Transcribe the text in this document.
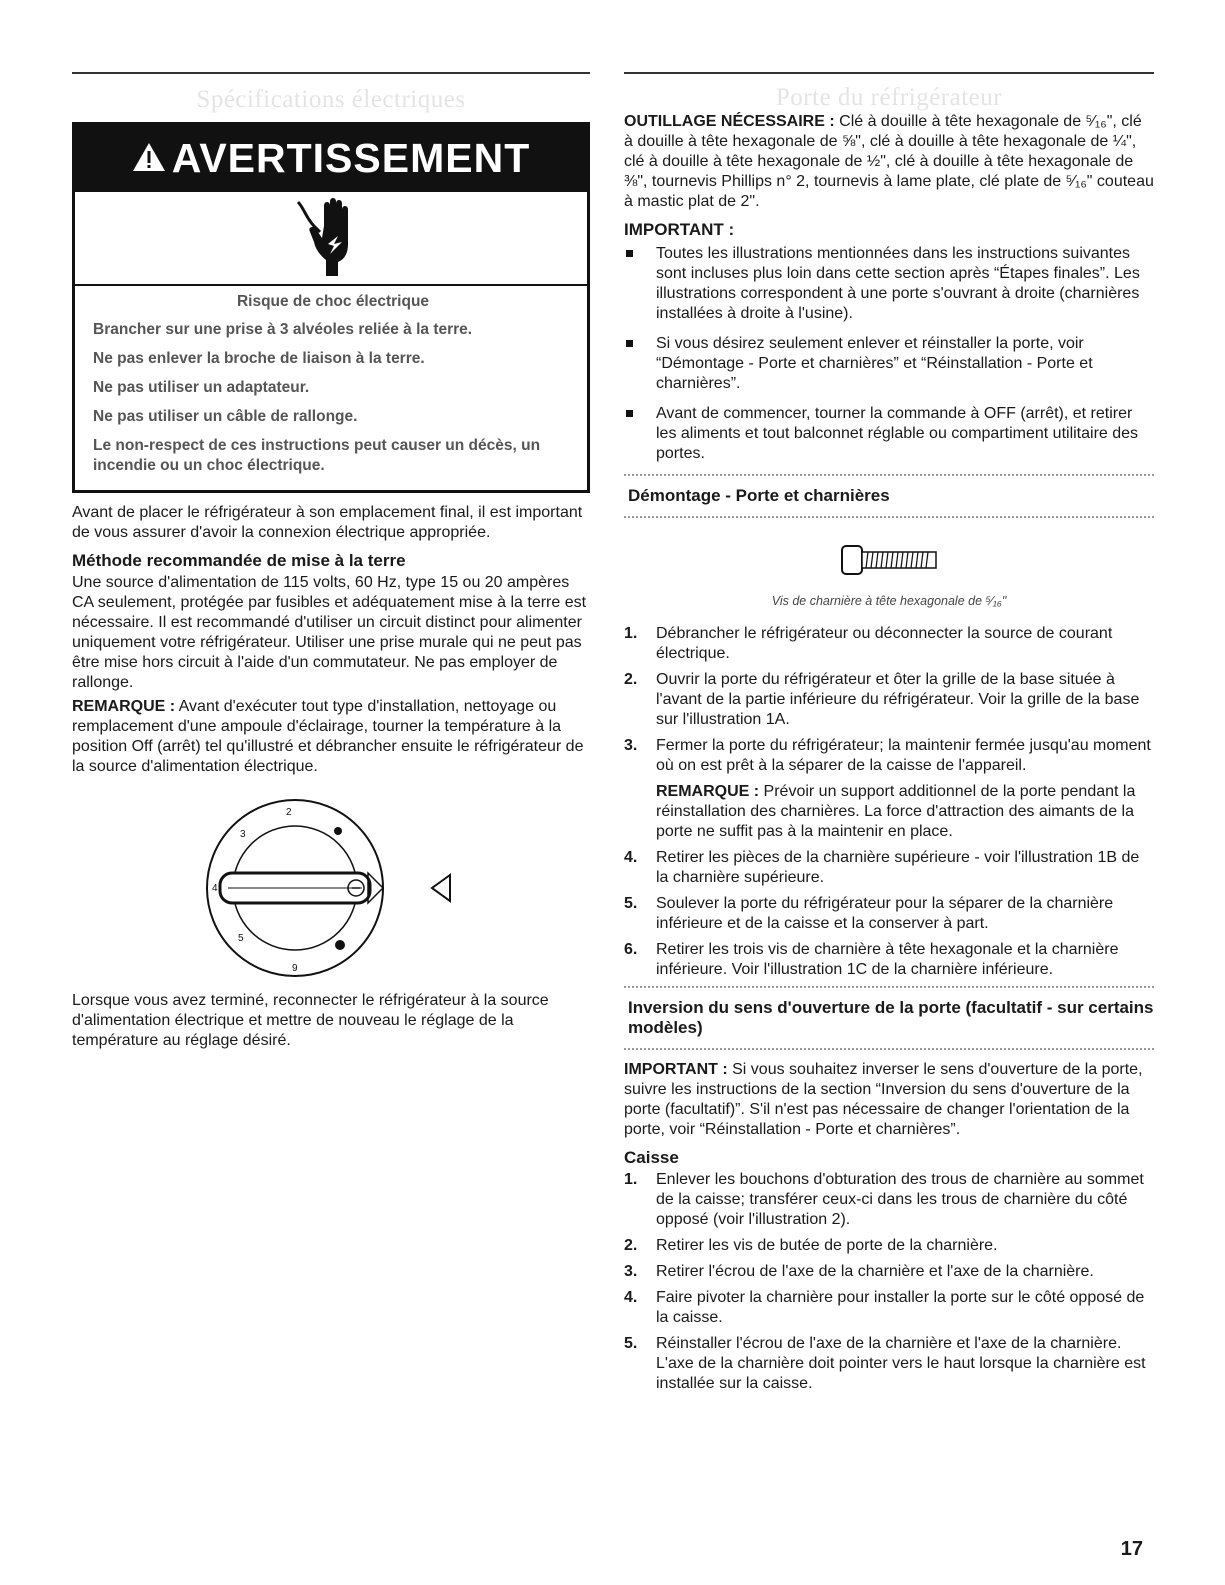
Spécifications électriques
AVERTISSEMENT
Risque de choc électrique

Brancher sur une prise à 3 alvéoles reliée à la terre.

Ne pas enlever la broche de liaison à la terre.

Ne pas utiliser un adaptateur.

Ne pas utiliser un câble de rallonge.

Le non-respect de ces instructions peut causer un décès, un incendie ou un choc électrique.

Avant de placer le réfrigérateur à son emplacement final, il est important de vous assurer d'avoir la connexion électrique appropriée.

Méthode recommandée de mise à la terre

Une source d'alimentation de 115 volts, 60 Hz, type 15 ou 20 ampères CA seulement, protégée par fusibles et adéquatement mise à la terre est nécessaire. Il est recommandé d'utiliser un circuit distinct pour alimenter uniquement votre réfrigérateur. Utiliser une prise murale qui ne peut pas être mise hors circuit à l'aide d'un commutateur. Ne pas employer de rallonge.

REMARQUE : Avant d'exécuter tout type d'installation, nettoyage ou remplacement d'une ampoule d'éclairage, tourner la température à la position Off (arrêt) tel qu'illustré et débrancher ensuite le réfrigérateur de la source d'alimentation électrique.

2
3
4
5
9

Lorsque vous avez terminé, reconnecter le réfrigérateur à la source d'alimentation électrique et mettre de nouveau le réglage de la température au réglage désiré.

Porte du réfrigérateur

OUTILLAGE NÉCESSAIRE : Clé à douille à tête hexagonale de ⁵⁄₁₆", clé à douille à tête hexagonale de ⅝", clé à douille à tête hexagonale de ¼", clé à douille à tête hexagonale de ½", clé à douille à tête hexagonale de ⅜", tournevis Phillips n° 2, tournevis à lame plate, clé plate de ⁵⁄₁₆" couteau à mastic plat de 2".

IMPORTANT :
Toutes les illustrations mentionnées dans les instructions suivantes sont incluses plus loin dans cette section après “Étapes finales”. Les illustrations correspondent à une porte s'ouvrant à droite (charnières installées à droite à l'usine).
Si vous désirez seulement enlever et réinstaller la porte, voir “Démontage - Porte et charnières” et “Réinstallation - Porte et charnières”.
Avant de commencer, tourner la commande à OFF (arrêt), et retirer les aliments et tout balconnet réglable ou compartiment utilitaire des portes.
Démontage - Porte et charnières
Vis de charnière à tête hexagonale de ⁵⁄₁₆"
1. Débrancher le réfrigérateur ou déconnecter la source de courant électrique.
2. Ouvrir la porte du réfrigérateur et ôter la grille de la base située à l'avant de la partie inférieure du réfrigérateur. Voir la grille de la base sur l'illustration 1A.
3. Fermer la porte du réfrigérateur; la maintenir fermée jusqu'au moment où on est prêt à la séparer de la caisse de l'appareil.
REMARQUE : Prévoir un support additionnel de la porte pendant la réinstallation des charnières. La force d'attraction des aimants de la porte ne suffit pas à la maintenir en place.
4. Retirer les pièces de la charnière supérieure - voir l'illustration 1B de la charnière supérieure.
5. Soulever la porte du réfrigérateur pour la séparer de la charnière inférieure et de la caisse et la conserver à part.
6. Retirer les trois vis de charnière à tête hexagonale et la charnière inférieure. Voir l'illustration 1C de la charnière inférieure.
Inversion du sens d'ouverture de la porte (facultatif - sur certains modèles)

IMPORTANT : Si vous souhaitez inverser le sens d'ouverture de la porte, suivre les instructions de la section “Inversion du sens d'ouverture de la porte (facultatif)”. S'il n'est pas nécessaire de changer l'orientation de la porte, voir “Réinstallation - Porte et charnières”.

Caisse
1. Enlever les bouchons d'obturation des trous de charnière au sommet de la caisse; transférer ceux-ci dans les trous de charnière du côté opposé (voir l'illustration 2).
2. Retirer les vis de butée de porte de la charnière.
3. Retirer l'écrou de l'axe de la charnière et l'axe de la charnière.
4. Faire pivoter la charnière pour installer la porte sur le côté opposé de la caisse.
5. Réinstaller l'écrou de l'axe de la charnière et l'axe de la charnière. L'axe de la charnière doit pointer vers le haut lorsque la charnière est installée sur la caisse.
17
